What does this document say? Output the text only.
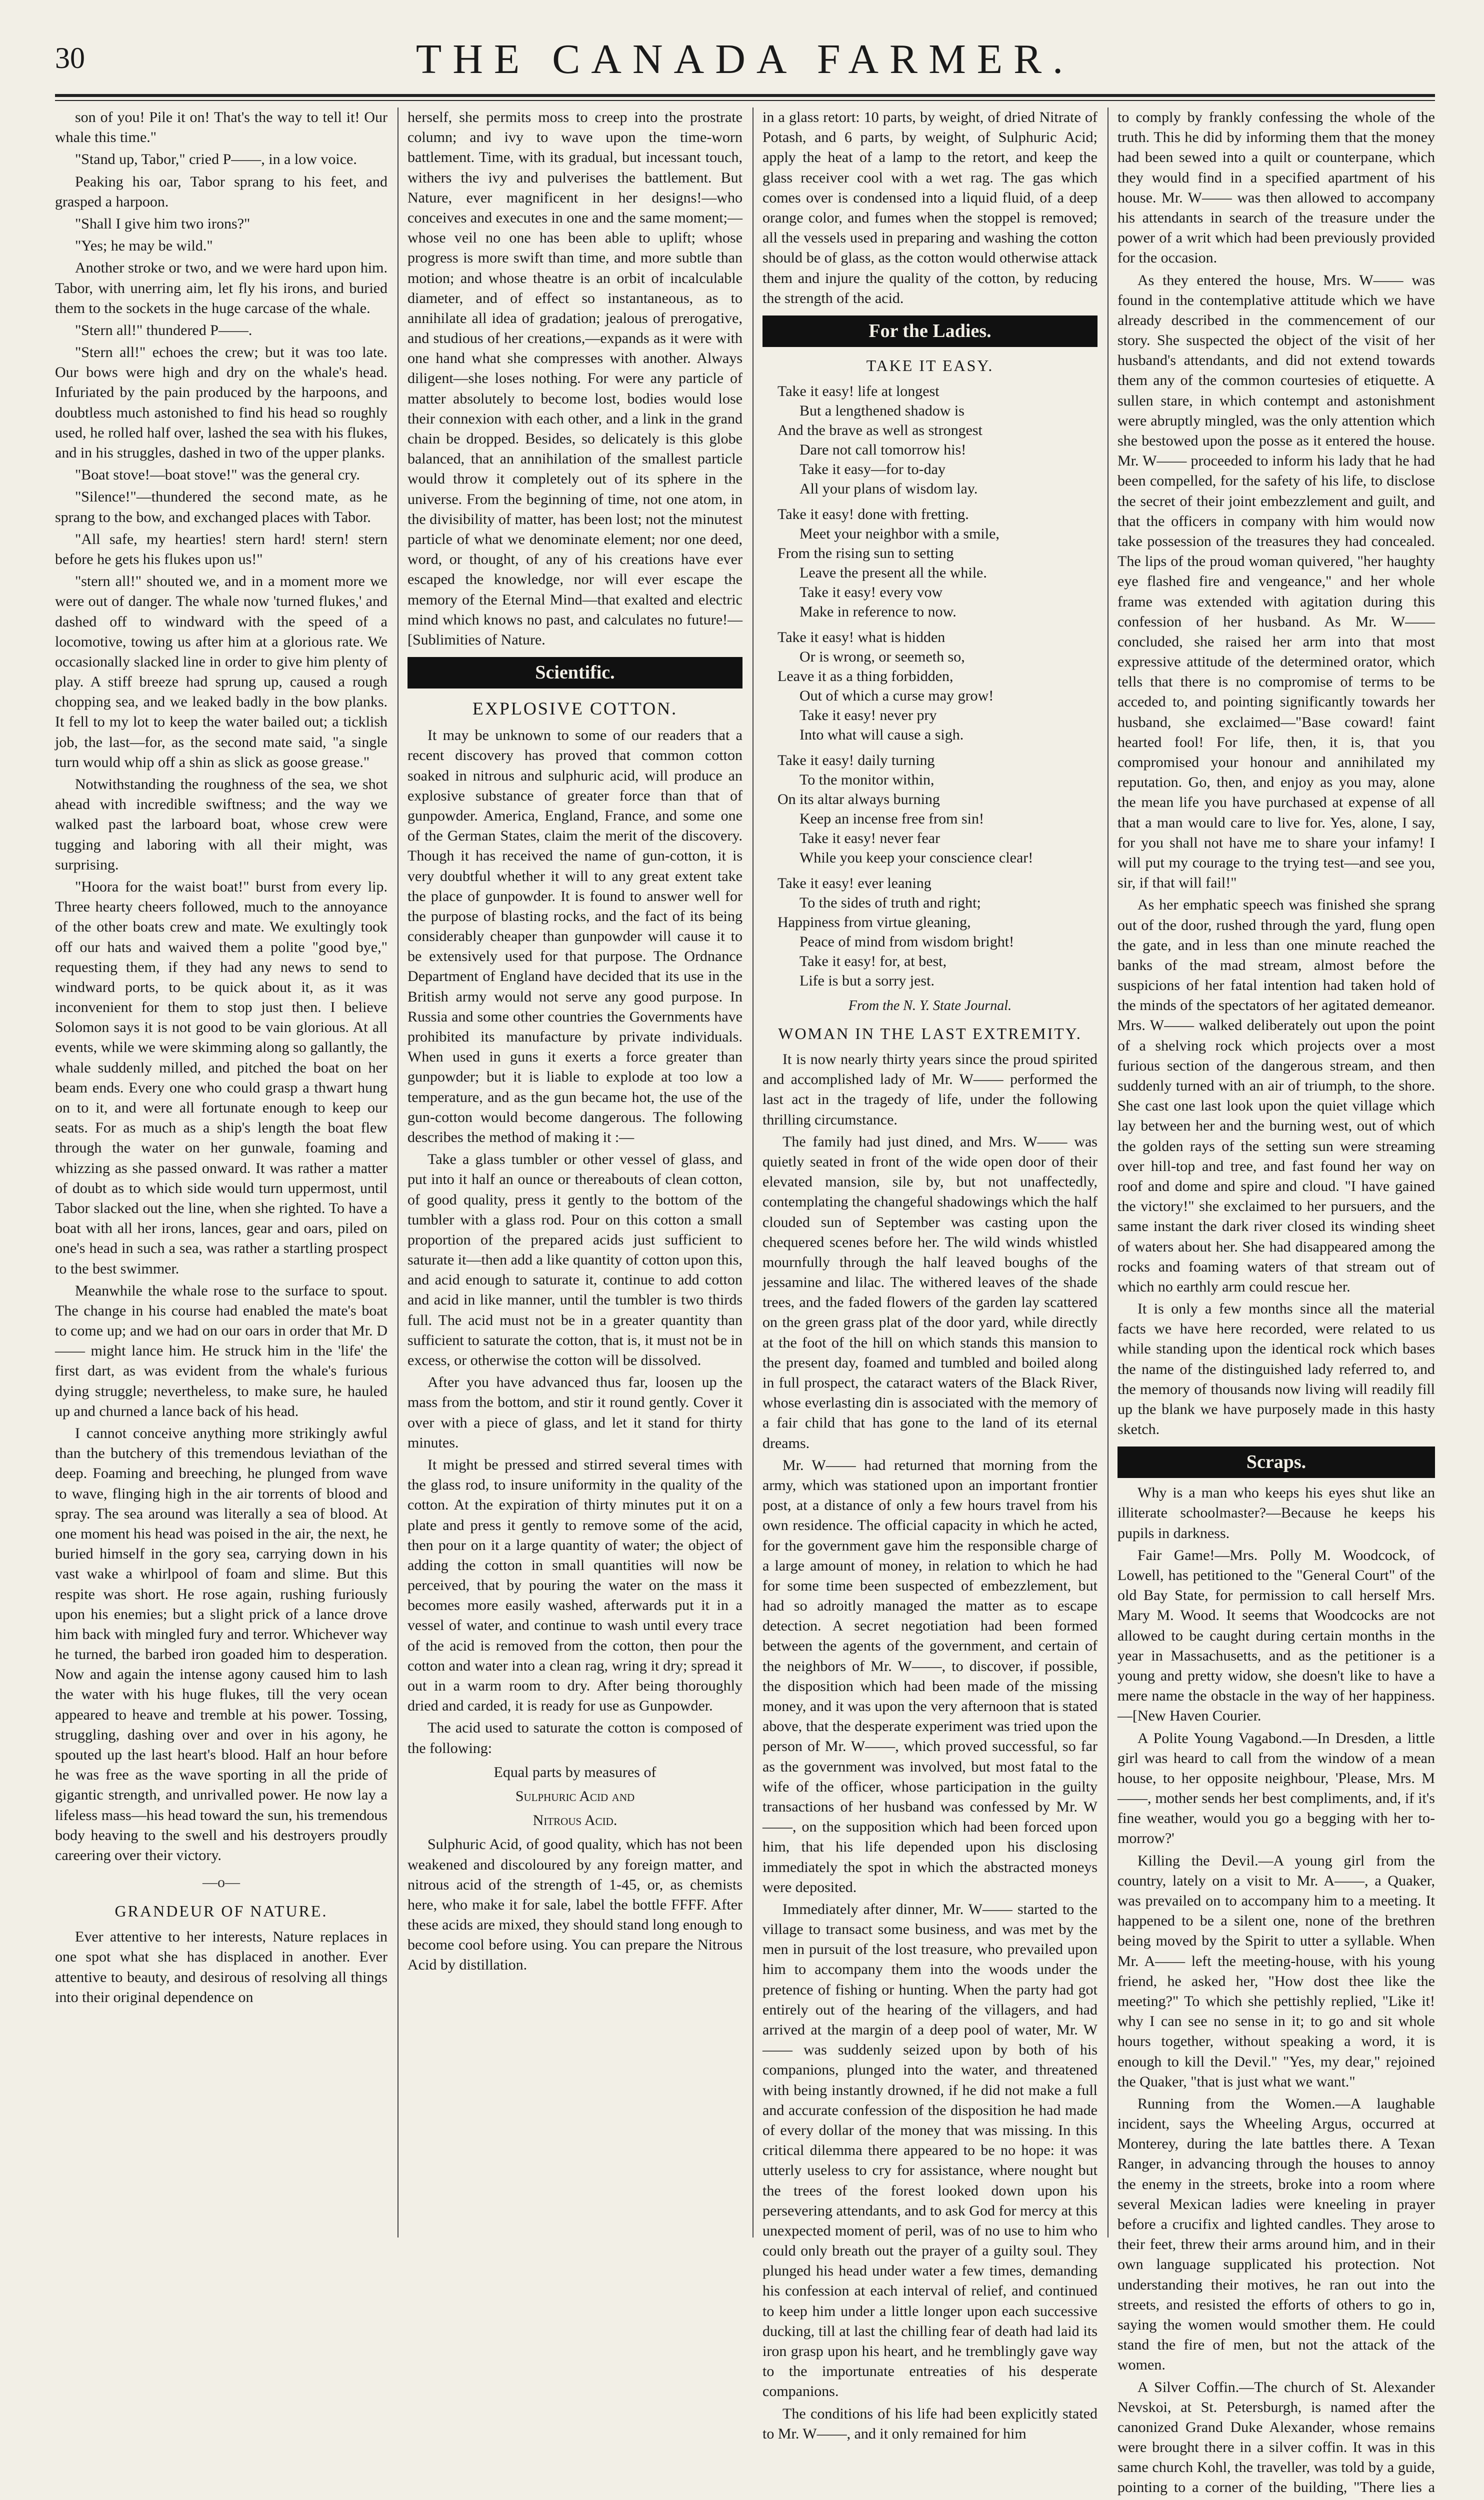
30	THE CANADA FARMER.

son of you! Pile it on! That's the way to tell it! Our whale this time."

"Stand up, Tabor," cried P——, in a low voice.

Peaking his oar, Tabor sprang to his feet, and grasped a harpoon.

"Shall I give him two irons?"

"Yes; he may be wild."

Another stroke or two, and we were hard upon him. Tabor, with unerring aim, let fly his irons, and buried them to the sockets in the huge carcase of the whale.

"Stern all!" thundered P——.

"Stern all!" echoes the crew; but it was too late. Our bows were high and dry on the whale's head. Infuriated by the pain produced by the harpoons, and doubtless much astonished to find his head so roughly used, he rolled half over, lashed the sea with his flukes, and in his struggles, dashed in two of the upper planks.

"Boat stove!—boat stove!" was the general cry.

"Silence!"—thundered the second mate, as he sprang to the bow, and exchanged places with Tabor.

"All safe, my hearties! stern hard! stern! stern before he gets his flukes upon us!"

"stern all!" shouted we, and in a moment more we were out of danger. The whale now 'turned flukes,' and dashed off to windward with the speed of a locomotive, towing us after him at a glorious rate. We occasionally slacked line in order to give him plenty of play. A stiff breeze had sprung up, caused a rough chopping sea, and we leaked badly in the bow planks. It fell to my lot to keep the water bailed out; a ticklish job, the last—for, as the second mate said, "a single turn would whip off a shin as slick as goose grease."

Notwithstanding the roughness of the sea, we shot ahead with incredible swiftness; and the way we walked past the larboard boat, whose crew were tugging and laboring with all their might, was surprising.

"Hoora for the waist boat!" burst from every lip. Three hearty cheers followed, much to the annoyance of the other boats crew and mate. We exultingly took off our hats and waived them a polite "good bye," requesting them, if they had any news to send to windward ports, to be quick about it, as it was inconvenient for them to stop just then. I believe Solomon says it is not good to be vain glorious. At all events, while we were skimming along so gallantly, the whale suddenly milled, and pitched the boat on her beam ends. Every one who could grasp a thwart hung on to it, and were all fortunate enough to keep our seats. For as much as a ship's length the boat flew through the water on her gunwale, foaming and whizzing as she passed onward. It was rather a matter of doubt as to which side would turn uppermost, until Tabor slacked out the line, when she righted. To have a boat with all her irons, lances, gear and oars, piled on one's head in such a sea, was rather a startling prospect to the best swimmer.

Meanwhile the whale rose to the surface to spout. The change in his course had enabled the mate's boat to come up; and we had on our oars in order that Mr. D—— might lance him. He struck him in the 'life' the first dart, as was evident from the whale's furious dying struggle; nevertheless, to make sure, he hauled up and churned a lance back of his head.

I cannot conceive anything more strikingly awful than the butchery of this tremendous leviathan of the deep. Foaming and breeching, he plunged from wave to wave, flinging high in the air torrents of blood and spray. The sea around was literally a sea of blood. At one moment his head was poised in the air, the next, he buried himself in the gory sea, carrying down in his vast wake a whirlpool of foam and slime. But this respite was short. He rose again, rushing furiously upon his enemies; but a slight prick of a lance drove him back with mingled fury and terror. Whichever way he turned, the barbed iron goaded him to desperation. Now and again the intense agony caused him to lash the water with his huge flukes, till the very ocean appeared to heave and tremble at his power. Tossing, struggling, dashing over and over in his agony, he spouted up the last heart's blood. Half an hour before he was free as the wave sporting in all the pride of gigantic strength, and unrivalled power. He now lay a lifeless mass—his head toward the sun, his tremendous body heaving to the swell and his destroyers proudly careering over their victory.

—o—
GRANDEUR OF NATURE.

Ever attentive to her interests, Nature replaces in one spot what she has displaced in another. Ever attentive to beauty, and desirous of resolving all things into their original dependence on

herself, she permits moss to creep into the prostrate column; and ivy to wave upon the time-worn battlement. Time, with its gradual, but incessant touch, withers the ivy and pulverises the battlement. But Nature, ever magnificent in her designs!—who conceives and executes in one and the same moment;—whose veil no one has been able to uplift; whose progress is more swift than time, and more subtle than motion; and whose theatre is an orbit of incalculable diameter, and of effect so instantaneous, as to annihilate all idea of gradation; jealous of prerogative, and studious of her creations,—expands as it were with one hand what she compresses with another. Always diligent—she loses nothing. For were any particle of matter absolutely to become lost, bodies would lose their connexion with each other, and a link in the grand chain be dropped. Besides, so delicately is this globe balanced, that an annihilation of the smallest particle would throw it completely out of its sphere in the universe. From the beginning of time, not one atom, in the divisibility of matter, has been lost; not the minutest particle of what we denominate element; nor one deed, word, or thought, of any of his creations have ever escaped the knowledge, nor will ever escape the memory of the Eternal Mind—that exalted and electric mind which knows no past, and calculates no future!—[Sublimities of Nature.

Scientific.
EXPLOSIVE COTTON.

It may be unknown to some of our readers that a recent discovery has proved that common cotton soaked in nitrous and sulphuric acid, will produce an explosive substance of greater force than that of gunpowder. America, England, France, and some one of the German States, claim the merit of the discovery. Though it has received the name of gun-cotton, it is very doubtful whether it will to any great extent take the place of gunpowder. It is found to answer well for the purpose of blasting rocks, and the fact of its being considerably cheaper than gunpowder will cause it to be extensively used for that purpose. The Ordnance Department of England have decided that its use in the British army would not serve any good purpose. In Russia and some other countries the Governments have prohibited its manufacture by private individuals. When used in guns it exerts a force greater than gunpowder; but it is liable to explode at too low a temperature, and as the gun became hot, the use of the gun-cotton would become dangerous. The following describes the method of making it :—

Take a glass tumbler or other vessel of glass, and put into it half an ounce or thereabouts of clean cotton, of good quality, press it gently to the bottom of the tumbler with a glass rod. Pour on this cotton a small proportion of the prepared acids just sufficient to saturate it—then add a like quantity of cotton upon this, and acid enough to saturate it, continue to add cotton and acid in like manner, until the tumbler is two thirds full. The acid must not be in a greater quantity than sufficient to saturate the cotton, that is, it must not be in excess, or otherwise the cotton will be dissolved.

After you have advanced thus far, loosen up the mass from the bottom, and stir it round gently. Cover it over with a piece of glass, and let it stand for thirty minutes.

It might be pressed and stirred several times with the glass rod, to insure uniformity in the quality of the cotton. At the expiration of thirty minutes put it on a plate and press it gently to remove some of the acid, then pour on it a large quantity of water; the object of adding the cotton in small quantities will now be perceived, that by pouring the water on the mass it becomes more easily washed, afterwards put it in a vessel of water, and continue to wash until every trace of the acid is removed from the cotton, then pour the cotton and water into a clean rag, wring it dry; spread it out in a warm room to dry. After being thoroughly dried and carded, it is ready for use as Gunpowder.

The acid used to saturate the cotton is composed of the following:

Equal parts by measures of
Sulphuric Acid and
Nitrous Acid.

Sulphuric Acid, of good quality, which has not been weakened and discoloured by any foreign matter, and nitrous acid of the strength of 1-45, or, as chemists here, who make it for sale, label the bottle FFFF. After these acids are mixed, they should stand long enough to become cool before using. You can prepare the Nitrous Acid by distillation.

in a glass retort: 10 parts, by weight, of dried Nitrate of Potash, and 6 parts, by weight, of Sulphuric Acid; apply the heat of a lamp to the retort, and keep the glass receiver cool with a wet rag. The gas which comes over is condensed into a liquid fluid, of a deep orange color, and fumes when the stoppel is removed; all the vessels used in preparing and washing the cotton should be of glass, as the cotton would otherwise attack them and injure the quality of the cotton, by reducing the strength of the acid.

For the Ladies.
TAKE IT EASY.
Take it easy! life at longest
But a lengthened shadow is
And the brave as well as strongest
Dare not call tomorrow his!
Take it easy—for to-day
All your plans of wisdom lay.
Take it easy! done with fretting.
Meet your neighbor with a smile,
From the rising sun to setting
Leave the present all the while.
Take it easy! every vow
Make in reference to now.
Take it easy! what is hidden
Or is wrong, or seemeth so,
Leave it as a thing forbidden,
Out of which a curse may grow!
Take it easy! never pry
Into what will cause a sigh.
Take it easy! daily turning
To the monitor within,
On its altar always burning
Keep an incense free from sin!
Take it easy! never fear
While you keep your conscience clear!
Take it easy! ever leaning
To the sides of truth and right;
Happiness from virtue gleaning,
Peace of mind from wisdom bright!
Take it easy! for, at best,
Life is but a sorry jest.
From the N. Y. State Journal.
WOMAN IN THE LAST EXTREMITY.

It is now nearly thirty years since the proud spirited and accomplished lady of Mr. W—— performed the last act in the tragedy of life, under the following thrilling circumstance.

The family had just dined, and Mrs. W—— was quietly seated in front of the wide open door of their elevated mansion, sile by, but not unaffectedly, contemplating the changeful shadowings which the half clouded sun of September was casting upon the chequered scenes before her. The wild winds whistled mournfully through the half leaved boughs of the jessamine and lilac. The withered leaves of the shade trees, and the faded flowers of the garden lay scattered on the green grass plat of the door yard, while directly at the foot of the hill on which stands this mansion to the present day, foamed and tumbled and boiled along in full prospect, the cataract waters of the Black River, whose everlasting din is associated with the memory of a fair child that has gone to the land of its eternal dreams.

Mr. W—— had returned that morning from the army, which was stationed upon an important frontier post, at a distance of only a few hours travel from his own residence. The official capacity in which he acted, for the government gave him the responsible charge of a large amount of money, in relation to which he had for some time been suspected of embezzlement, but had so adroitly managed the matter as to escape detection. A secret negotiation had been formed between the agents of the government, and certain of the neighbors of Mr. W——, to discover, if possible, the disposition which had been made of the missing money, and it was upon the very afternoon that is stated above, that the desperate experiment was tried upon the person of Mr. W——, which proved successful, so far as the government was involved, but most fatal to the wife of the officer, whose participation in the guilty transactions of her husband was confessed by Mr. W——, on the supposition which had been forced upon him, that his life depended upon his disclosing immediately the spot in which the abstracted moneys were deposited.

Immediately after dinner, Mr. W—— started to the village to transact some business, and was met by the men in pursuit of the lost treasure, who prevailed upon him to accompany them into the woods under the pretence of fishing or hunting. When the party had got entirely out of the hearing of the villagers, and had arrived at the margin of a deep pool of water, Mr. W—— was suddenly seized upon by both of his companions, plunged into the water, and threatened with being instantly drowned, if he did not make a full and accurate confession of the disposition he had made of every dollar of the money that was missing. In this critical dilemma there appeared to be no hope: it was utterly useless to cry for assistance, where nought but the trees of the forest looked down upon his persevering attendants, and to ask God for mercy at this unexpected moment of peril, was of no use to him who could only breath out the prayer of a guilty soul. They plunged his head under water a few times, demanding his confession at each interval of relief, and continued to keep him under a little longer upon each successive ducking, till at last the chilling fear of death had laid its iron grasp upon his heart, and he tremblingly gave way to the importunate entreaties of his desperate companions.

The conditions of his life had been explicitly stated to Mr. W——, and it only remained for him

to comply by frankly confessing the whole of the truth. This he did by informing them that the money had been sewed into a quilt or counterpane, which they would find in a specified apartment of his house. Mr. W—— was then allowed to accompany his attendants in search of the treasure under the power of a writ which had been previously provided for the occasion.

As they entered the house, Mrs. W—— was found in the contemplative attitude which we have already described in the commencement of our story. She suspected the object of the visit of her husband's attendants, and did not extend towards them any of the common courtesies of etiquette. A sullen stare, in which contempt and astonishment were abruptly mingled, was the only attention which she bestowed upon the posse as it entered the house. Mr. W—— proceeded to inform his lady that he had been compelled, for the safety of his life, to disclose the secret of their joint embezzlement and guilt, and that the officers in company with him would now take possession of the treasures they had concealed. The lips of the proud woman quivered, "her haughty eye flashed fire and vengeance," and her whole frame was extended with agitation during this confession of her husband. As Mr. W—— concluded, she raised her arm into that most expressive attitude of the determined orator, which tells that there is no compromise of terms to be acceded to, and pointing significantly towards her husband, she exclaimed—"Base coward! faint hearted fool! For life, then, it is, that you compromised your honour and annihilated my reputation. Go, then, and enjoy as you may, alone the mean life you have purchased at expense of all that a man would care to live for. Yes, alone, I say, for you shall not have me to share your infamy! I will put my courage to the trying test—and see you, sir, if that will fail!"

As her emphatic speech was finished she sprang out of the door, rushed through the yard, flung open the gate, and in less than one minute reached the banks of the mad stream, almost before the suspicions of her fatal intention had taken hold of the minds of the spectators of her agitated demeanor. Mrs. W—— walked deliberately out upon the point of a shelving rock which projects over a most furious section of the dangerous stream, and then suddenly turned with an air of triumph, to the shore. She cast one last look upon the quiet village which lay between her and the burning west, out of which the golden rays of the setting sun were streaming over hill-top and tree, and fast found her way on roof and dome and spire and cloud. "I have gained the victory!" she exclaimed to her pursuers, and the same instant the dark river closed its winding sheet of waters about her. She had disappeared among the rocks and foaming waters of that stream out of which no earthly arm could rescue her.

It is only a few months since all the material facts we have here recorded, were related to us while standing upon the identical rock which bases the name of the distinguished lady referred to, and the memory of thousands now living will readily fill up the blank we have purposely made in this hasty sketch.

Scraps.

Why is a man who keeps his eyes shut like an illiterate schoolmaster?—Because he keeps his pupils in darkness.

Fair Game!—Mrs. Polly M. Woodcock, of Lowell, has petitioned to the "General Court" of the old Bay State, for permission to call herself Mrs. Mary M. Wood. It seems that Woodcocks are not allowed to be caught during certain months in the year in Massachusetts, and as the petitioner is a young and pretty widow, she doesn't like to have a mere name the obstacle in the way of her happiness.—[New Haven Courier.

A Polite Young Vagabond.—In Dresden, a little girl was heard to call from the window of a mean house, to her opposite neighbour, 'Please, Mrs. M——, mother sends her best compliments, and, if it's fine weather, would you go a begging with her to-morrow?'

Killing the Devil.—A young girl from the country, lately on a visit to Mr. A——, a Quaker, was prevailed on to accompany him to a meeting. It happened to be a silent one, none of the brethren being moved by the Spirit to utter a syllable. When Mr. A—— left the meeting-house, with his young friend, he asked her, "How dost thee like the meeting?" To which she pettishly replied, "Like it! why I can see no sense in it; to go and sit whole hours together, without speaking a word, it is enough to kill the Devil." "Yes, my dear," rejoined the Quaker, "that is just what we want."

Running from the Women.—A laughable incident, says the Wheeling Argus, occurred at Monterey, during the late battles there. A Texan Ranger, in advancing through the houses to annoy the enemy in the streets, broke into a room where several Mexican ladies were kneeling in prayer before a crucifix and lighted candles. They arose to their feet, threw their arms around him, and in their own language supplicated his protection. Not understanding their motives, he ran out into the streets, and resisted the efforts of others to go in, saying the women would smother them. He could stand the fire of men, but not the attack of the women.

A Silver Coffin.—The church of St. Alexander Nevskoi, at St. Petersburgh, is named after the canonized Grand Duke Alexander, whose remains were brought there in a silver coffin. It was in this same church Kohl, the traveller, was told by a guide, pointing to a corner of the building, "There lies a
